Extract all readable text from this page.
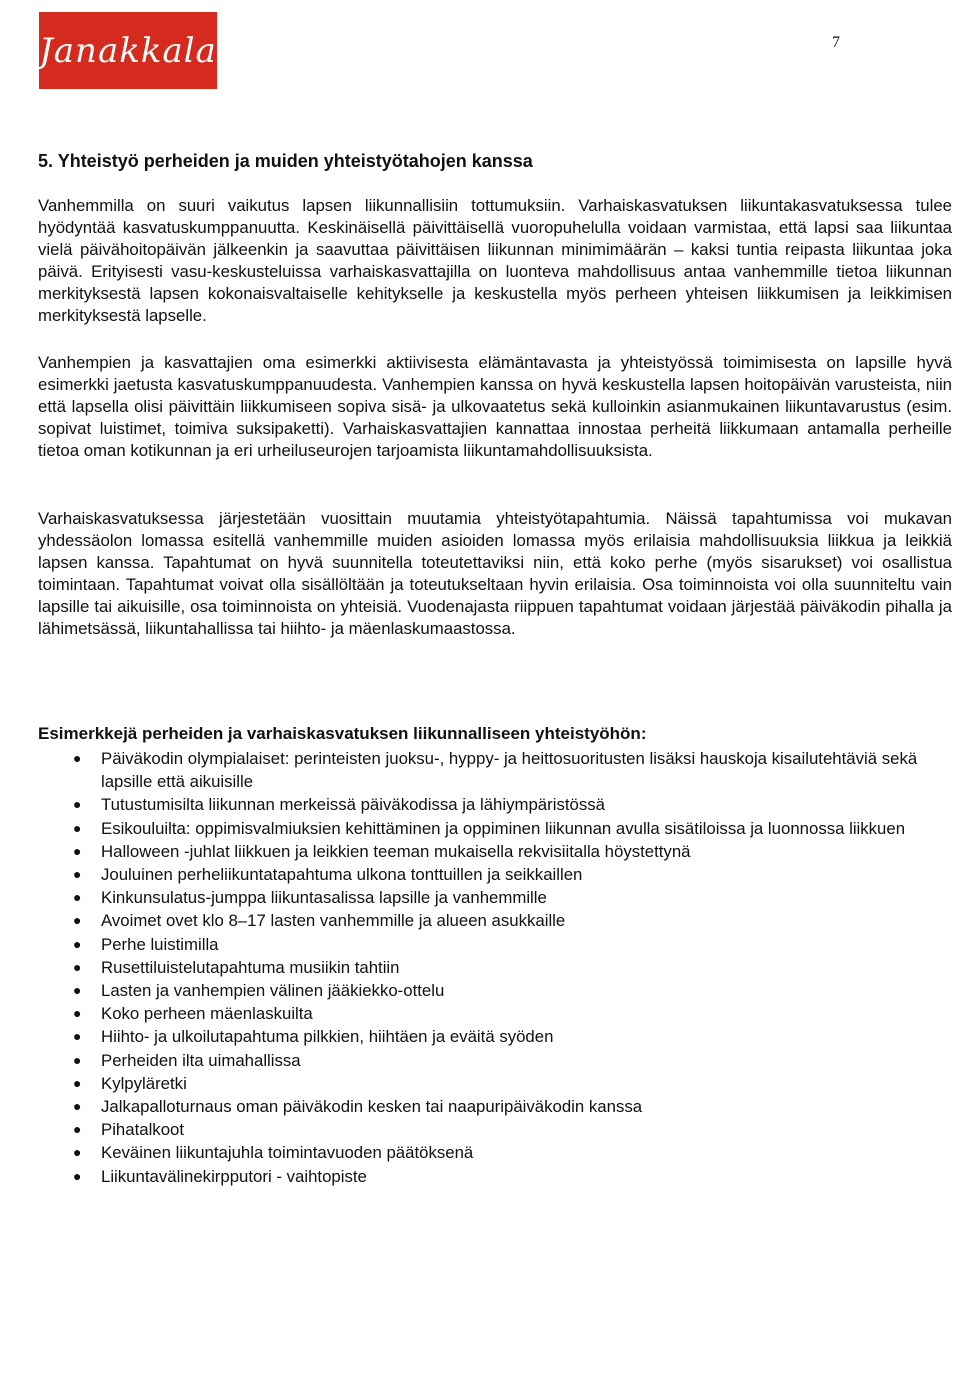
Janakkala	7
5. Yhteistyö perheiden ja muiden yhteistyötahojen kanssa

Vanhemmilla on suuri vaikutus lapsen liikunnallisiin tottumuksiin. Varhaiskasvatuksen liikuntakasvatuksessa tulee hyödyntää kasvatuskumppanuutta. Keskinäisellä päivittäisellä vuoropuhelulla voidaan varmistaa, että lapsi saa liikuntaa vielä päivähoitopäivän jälkeenkin ja saavuttaa päivittäisen liikunnan minimimäärän – kaksi tuntia reipasta liikuntaa joka päivä. Erityisesti vasu-keskusteluissa varhaiskasvattajilla on luonteva mahdollisuus antaa vanhemmille tietoa liikunnan merkityksestä lapsen kokonaisvaltaiselle kehitykselle ja keskustella myös perheen yhteisen liikkumisen ja leikkimisen merkityksestä lapselle.

Vanhempien ja kasvattajien oma esimerkki aktiivisesta elämäntavasta ja yhteistyössä toimimisesta on lapsille hyvä esimerkki jaetusta kasvatuskumppanuudesta. Vanhempien kanssa on hyvä keskustella lapsen hoitopäivän varusteista, niin että lapsella olisi päivittäin liikkumiseen sopiva sisä- ja ulkovaatetus sekä kulloinkin asianmukainen liikuntavarustus (esim. sopivat luistimet, toimiva suksipaketti). Varhaiskasvattajien kannattaa innostaa perheitä liikkumaan antamalla perheille tietoa oman kotikunnan ja eri urheiluseurojen tarjoamista liikuntamahdollisuuksista.

Varhaiskasvatuksessa järjestetään vuosittain muutamia yhteistyötapahtumia. Näissä tapahtumissa voi mukavan yhdessäolon lomassa esitellä vanhemmille muiden asioiden lomassa myös erilaisia mahdollisuuksia liikkua ja leikkiä lapsen kanssa. Tapahtumat on hyvä suunnitella toteutettaviksi niin, että koko perhe (myös sisarukset) voi osallistua toimintaan. Tapahtumat voivat olla sisällöltään ja toteutukseltaan hyvin erilaisia. Osa toiminnoista voi olla suunniteltu vain lapsille tai aikuisille, osa toiminnoista on yhteisiä. Vuodenajasta riippuen tapahtumat voidaan järjestää päiväkodin pihalla ja lähimetsässä, liikuntahallissa tai hiihto- ja mäenlaskumaastossa.

Esimerkkejä perheiden ja varhaiskasvatuksen liikunnalliseen yhteistyöhön:
● Päiväkodin olympialaiset: perinteisten juoksu-, hyppy- ja heittosuoritusten lisäksi hauskoja kisailutehtäviä sekä lapsille että aikuisille
● Tutustumisilta liikunnan merkeissä päiväkodissa ja lähiympäristössä
● Esikouluilta: oppimisvalmiuksien kehittäminen ja oppiminen liikunnan avulla sisätiloissa ja luonnossa liikkuen
● Halloween -juhlat liikkuen ja leikkien teeman mukaisella rekvisiitalla höystettynä
● Jouluinen perheliikuntatapahtuma ulkona tonttuillen ja seikkaillen
● Kinkunsulatus-jumppa liikuntasalissa lapsille ja vanhemmille
● Avoimet ovet klo 8–17 lasten vanhemmille ja alueen asukkaille
● Perhe luistimilla
● Rusettiluistelutapahtuma musiikin tahtiin
● Lasten ja vanhempien välinen jääkiekko-ottelu
● Koko perheen mäenlaskuilta
● Hiihto- ja ulkoilutapahtuma pilkkien, hiihtäen ja eväitä syöden
● Perheiden ilta uimahallissa
● Kylpyläretki
● Jalkapalloturnaus oman päiväkodin kesken tai naapuripäiväkodin kanssa
● Pihatalkoot
● Keväinen liikuntajuhla toimintavuoden päätöksenä
● Liikuntavälinekirpputori - vaihtopiste
